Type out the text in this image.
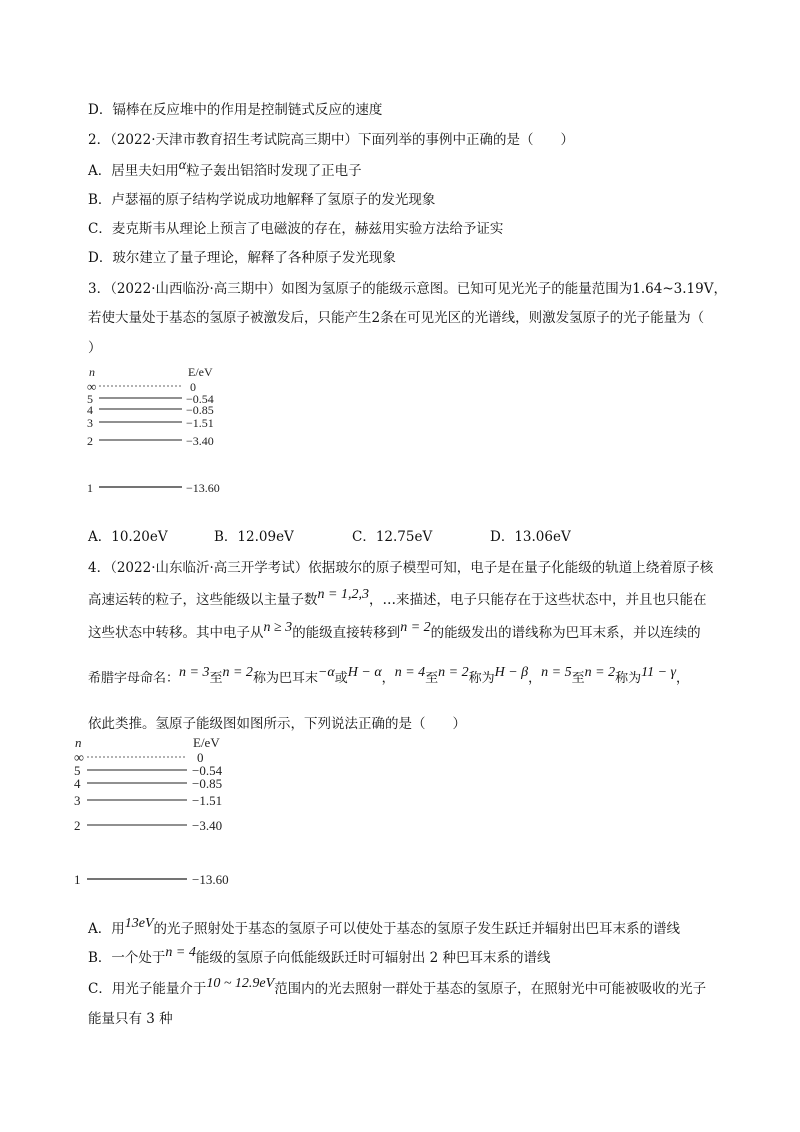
D．镉棒在反应堆中的作用是控制链式反应的速度
2．（2022·天津市教育招生考试院高三期中）下面列举的事例中正确的是（　　）
A．居里夫妇用α粒子轰出铝箔时发现了正电子
B．卢瑟福的原子结构学说成功地解释了氢原子的发光现象
C．麦克斯韦从理论上预言了电磁波的存在，赫兹用实验方法给予证实
D．玻尔建立了量子理论，解释了各种原子发光现象
3．（2022·山西临汾·高三期中）如图为氢原子的能级示意图。已知可见光光子的能量范围为1.64~3.19V，
若使大量处于基态的氢原子被激发后，只能产生2条在可见光区的光谱线，则激发氢原子的光子能量为（
）
n	E/eV
∞	0
5	−0.54
4	−0.85
3	−1.51
2	−3.40
1	−13.60
n	E/eV
∞	0
5	−0.54
4	−0.85
3	−1.51
2	−3.40
1	−13.60
A．10.20eV	B．12.09eV	C．12.75eV	D．13.06eV
4．（2022·山东临沂·高三开学考试）依据玻尔的原子模型可知，电子是在量子化能级的轨道上绕着原子核
高速运转的粒子，这些能级以主量子数n = 1,2,3，…来描述，电子只能存在于这些状态中，并且也只能在
这些状态中转移。其中电子从n ≥ 3的能级直接转移到n = 2的能级发出的谱线称为巴耳末系，并以连续的
希腊字母命名：n = 3至n = 2称为巴耳末−α或H − α，n = 4至n = 2称为H − β，n = 5至n = 2称为11 − γ，
依此类推。氢原子能级图如图所示，下列说法正确的是（　　）
A．用13eV的光子照射处于基态的氢原子可以使处于基态的氢原子发生跃迁并辐射出巴耳末系的谱线
B．一个处于n = 4能级的氢原子向低能级跃迁时可辐射出 2 种巴耳末系的谱线
C．用光子能量介于10 ~ 12.9eV范围内的光去照射一群处于基态的氢原子，在照射光中可能被吸收的光子
能量只有 3 种
